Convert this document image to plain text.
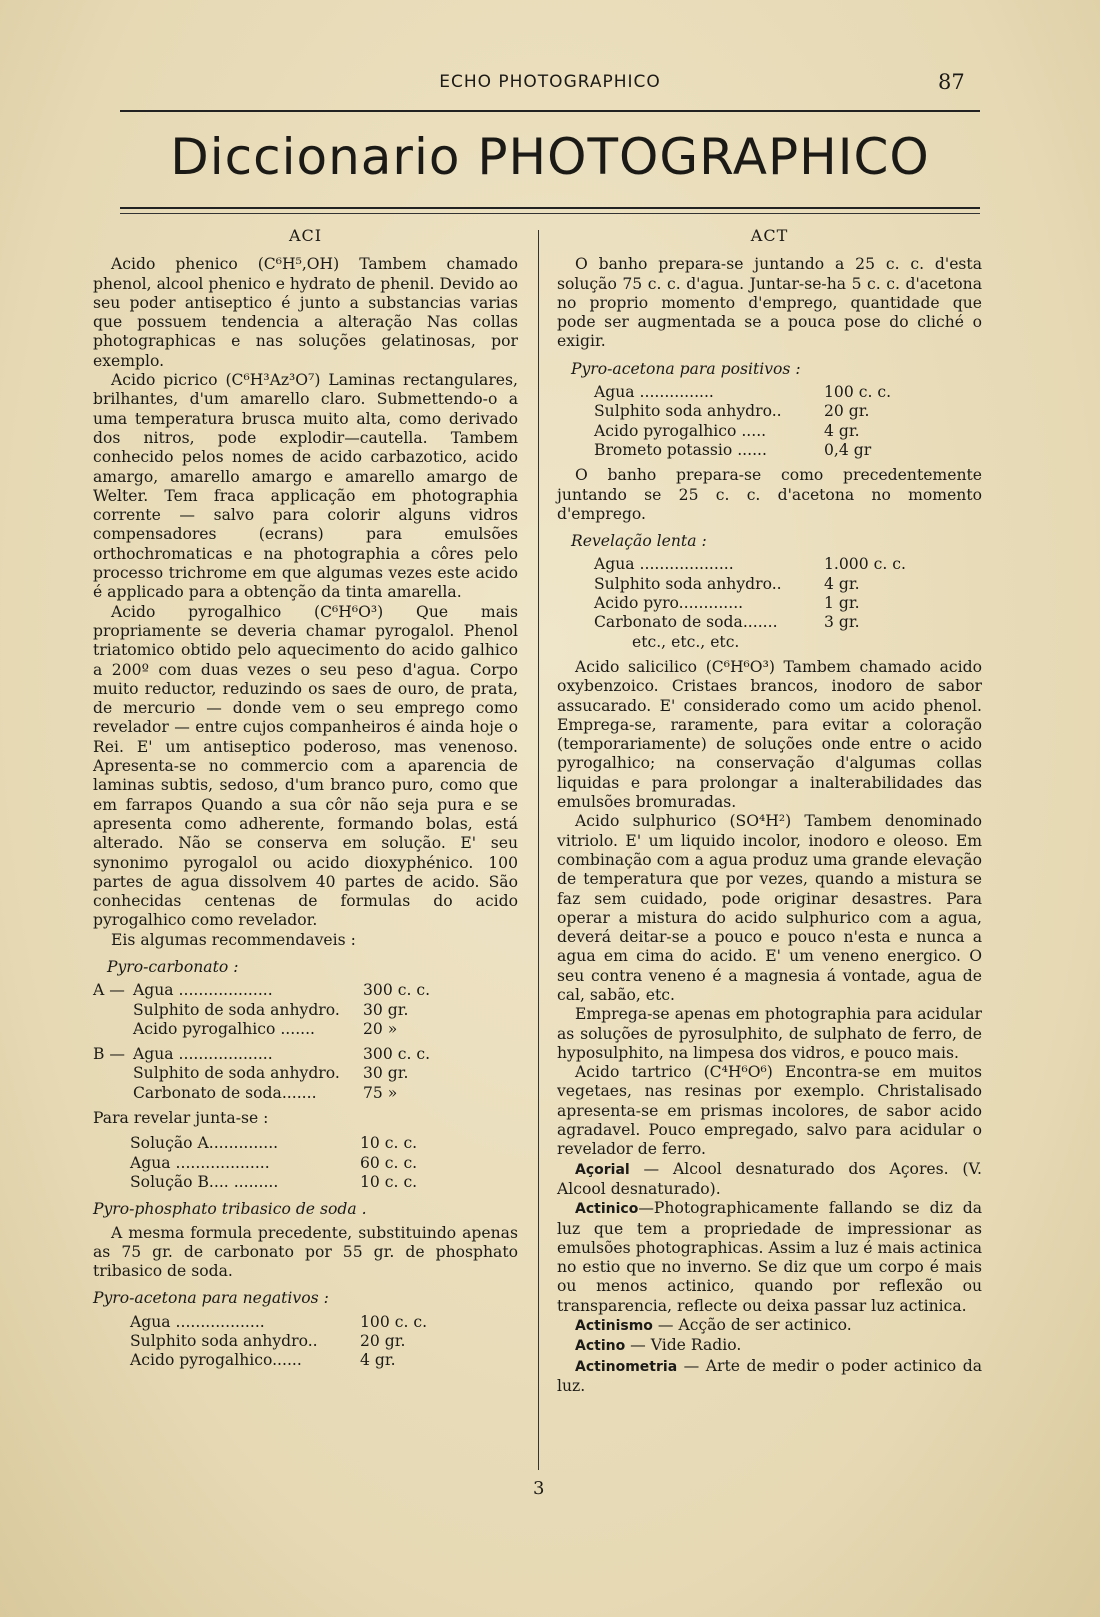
ECHO PHOTOGRAPHICO	87
Diccionario PHOTOGRAPHICO
ACI

Acido phenico (C⁶H⁵,OH) Tambem chamado phenol, alcool phenico e hydrato de phenil. Devido ao seu poder antiseptico é junto a substancias varias que possuem tendencia a alteração Nas collas photographicas e nas soluções gelatinosas, por exemplo.

Acido picrico (C⁶H³Az³O⁷) Laminas rectangulares, brilhantes, d'um amarello claro. Submettendo-o a uma temperatura brusca muito alta, como derivado dos nitros, pode explodir—cautella. Tambem conhecido pelos nomes de acido carbazotico, acido amargo, amarello amargo e amarello amargo de Welter. Tem fraca applicação em photographia corrente — salvo para colorir alguns vidros compensadores (ecrans) para emulsões orthochromaticas e na photographia a côres pelo processo trichrome em que algumas vezes este acido é applicado para a obtenção da tinta amarella.

Acido pyrogalhico (C⁶H⁶O³) Que mais propriamente se deveria chamar pyrogalol. Phenol triatomico obtido pelo aquecimento do acido galhico a 200º com duas vezes o seu peso d'agua. Corpo muito reductor, reduzindo os saes de ouro, de prata, de mercurio — donde vem o seu emprego como revelador — entre cujos companheiros é ainda hoje o Rei. E' um antiseptico poderoso, mas venenoso. Apresenta-se no commercio com a aparencia de laminas subtis, sedoso, d'um branco puro, como que em farrapos Quando a sua côr não seja pura e se apresenta como adherente, formando bolas, está alterado. Não se conserva em solução. E' seu synonimo pyrogalol ou acido dioxyphénico. 100 partes de agua dissolvem 40 partes de acido. São conhecidas centenas de formulas do acido pyrogalhico como revelador.

Eis algumas recommendaveis :

Pyro-carbonato :
A — Agua ...................	300 c. c.
Sulphito de soda anhydro.	30 gr.
Acido pyrogalhico .......	20 »
B — Agua ...................	300 c. c.
Sulphito de soda anhydro.	30 gr.
Carbonato de soda.......	75 »

Para revelar junta-se :

Solução A..............	10 c. c.
Agua ...................	60 c. c.
Solução B.... .........	10 c. c.
Pyro-phosphato tribasico de soda .

A mesma formula precedente, substituindo apenas as 75 gr. de carbonato por 55 gr. de phosphato tribasico de soda.

Pyro-acetona para negativos :
Agua ..................	100 c. c.
Sulphito soda anhydro..	20 gr.
Acido pyrogalhico......	4 gr.
ACT

O banho prepara-se juntando a 25 c. c. d'esta solução 75 c. c. d'agua. Juntar-se-ha 5 c. c. d'acetona no proprio momento d'emprego, quantidade que pode ser augmentada se a pouca pose do cliché o exigir.

Pyro-acetona para positivos :
Agua ...............	100 c. c.
Sulphito soda anhydro..	20 gr.
Acido pyrogalhico .....	4 gr.
Brometo potassio ......	0,4 gr

O banho prepara-se como precedentemente juntando se 25 c. c. d'acetona no momento d'emprego.

Revelação lenta :
Agua ...................	1.000 c. c.
Sulphito soda anhydro..	4 gr.
Acido pyro.............	1 gr.
Carbonato de soda.......	3 gr.
etc., etc., etc.

Acido salicilico (C⁶H⁶O³) Tambem chamado acido oxybenzoico. Cristaes brancos, inodoro de sabor assucarado. E' considerado como um acido phenol. Emprega-se, raramente, para evitar a coloração (temporariamente) de soluções onde entre o acido pyrogalhico; na conservação d'algumas collas liquidas e para prolongar a inalterabilidades das emulsões bromuradas.

Acido sulphurico (SO⁴H²) Tambem denominado vitriolo. E' um liquido incolor, inodoro e oleoso. Em combinação com a agua produz uma grande elevação de temperatura que por vezes, quando a mistura se faz sem cuidado, pode originar desastres. Para operar a mistura do acido sulphurico com a agua, deverá deitar-se a pouco e pouco n'esta e nunca a agua em cima do acido. E' um veneno energico. O seu contra veneno é a magnesia á vontade, agua de cal, sabão, etc.

Emprega-se apenas em photographia para acidular as soluções de pyrosulphito, de sulphato de ferro, de hyposulphito, na limpesa dos vidros, e pouco mais.

Acido tartrico (C⁴H⁶O⁶) Encontra-se em muitos vegetaes, nas resinas por exemplo. Christalisado apresenta-se em prismas incolores, de sabor acido agradavel. Pouco empregado, salvo para acidular o revelador de ferro.

Açorial — Alcool desnaturado dos Açores. (V. Alcool desnaturado).

Actinico—Photographicamente fallando se diz da luz que tem a propriedade de impressionar as emulsões photographicas. Assim a luz é mais actinica no estio que no inverno. Se diz que um corpo é mais ou menos actinico, quando por reflexão ou transparencia, reflecte ou deixa passar luz actinica.

Actinismo — Acção de ser actinico.

Actino — Vide Radio.

Actinometria — Arte de medir o poder actinico da luz.

3
